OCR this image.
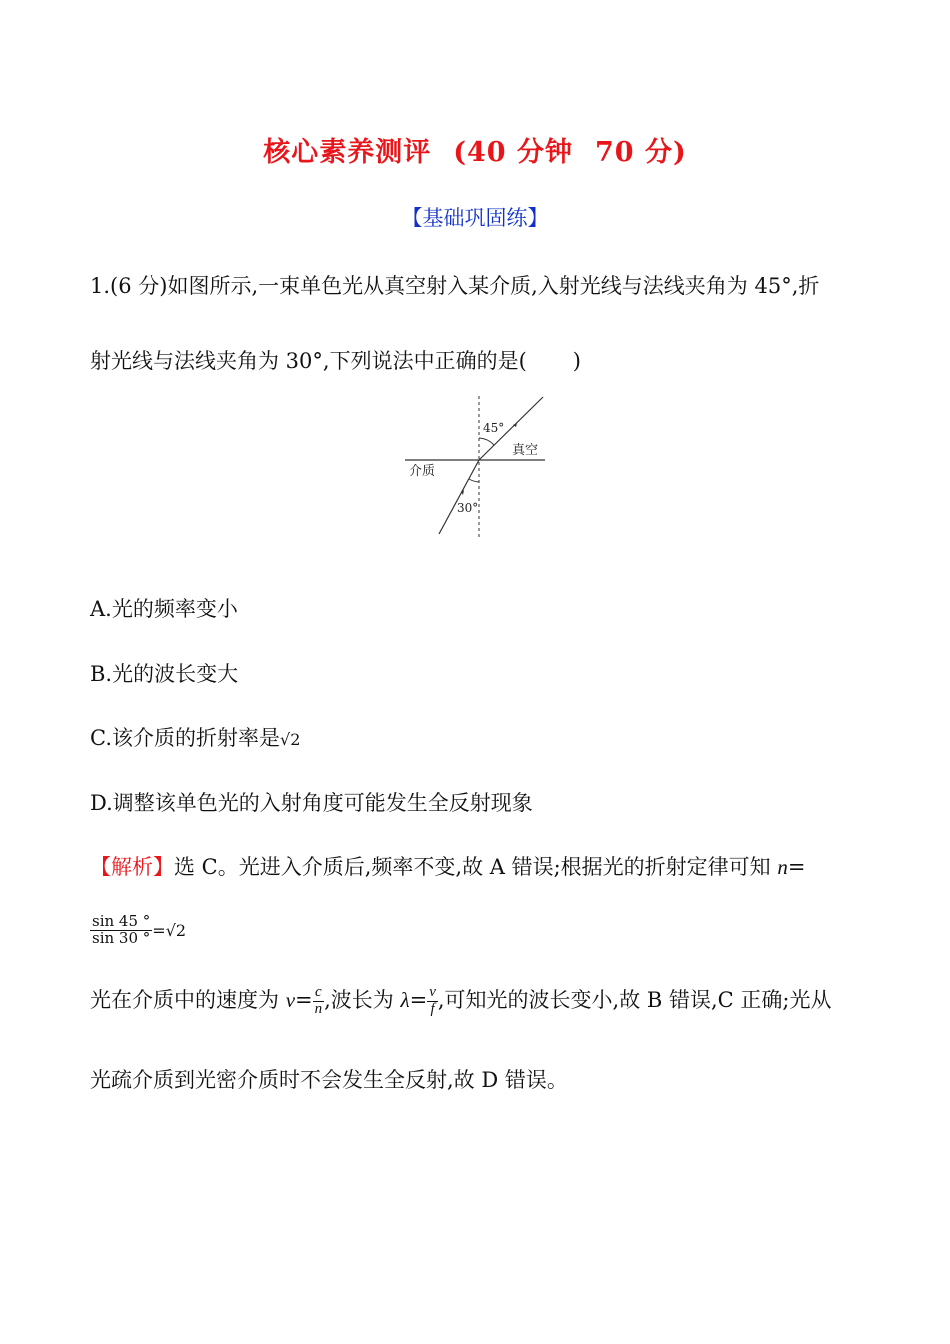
核心素养测评 (40 分钟 70 分)
【基础巩固练】
1.(6 分)如图所示,一束单色光从真空射入某介质,入射光线与法线夹角为 45°,折
射光线与法线夹角为 30°,下列说法中正确的是( )
45°
真空
介质
30°
A.光的频率变小
B.光的波长变大
C.该介质的折射率是√2
D.调整该单色光的入射角度可能发生全反射现象
【解析】选 C。光进入介质后,频率不变,故 A 错误;根据光的折射定律可知 n=
$\frac{\sin 45 ^\circ}{\sin 30 ^\circ} =√2$
光在介质中的速度为 $v= \frac{c}{n}$ ,波长为 $\lambda= \frac{v}{f}$ ,可知光的波长变小,故 B 错误,C 正确;光从
光疏介质到光密介质时不会发生全反射,故 D 错误。
